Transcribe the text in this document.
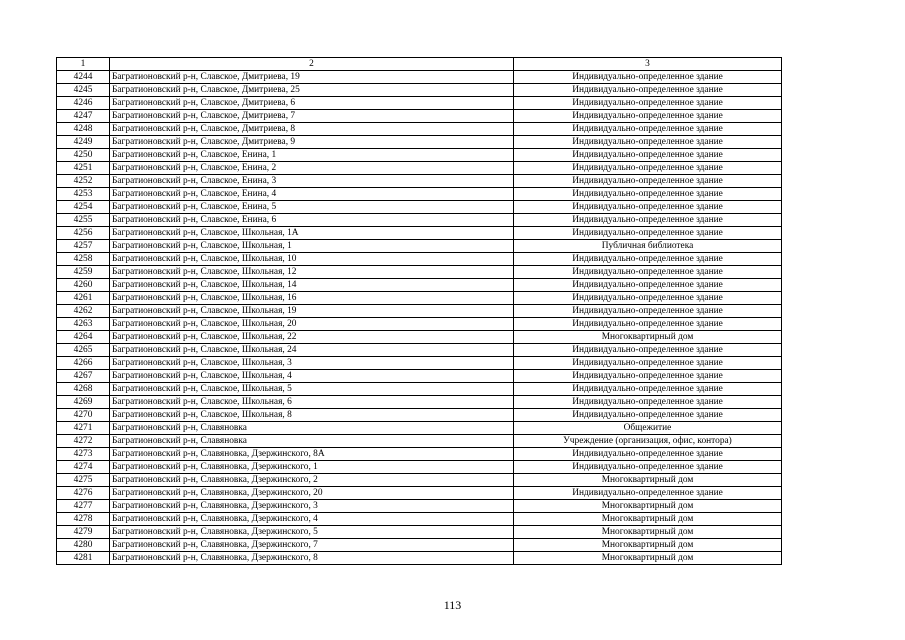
1	2	3
4244	Багратионовский р-н, Славское, Дмитриева, 19	Индивидуально-определенное здание
4245	Багратионовский р-н, Славское, Дмитриева, 25	Индивидуально-определенное здание
4246	Багратионовский р-н, Славское, Дмитриева, 6	Индивидуально-определенное здание
4247	Багратионовский р-н, Славское, Дмитриева, 7	Индивидуально-определенное здание
4248	Багратионовский р-н, Славское, Дмитриева, 8	Индивидуально-определенное здание
4249	Багратионовский р-н, Славское, Дмитриева, 9	Индивидуально-определенное здание
4250	Багратионовский р-н, Славское, Енина, 1	Индивидуально-определенное здание
4251	Багратионовский р-н, Славское, Енина, 2	Индивидуально-определенное здание
4252	Багратионовский р-н, Славское, Енина, 3	Индивидуально-определенное здание
4253	Багратионовский р-н, Славское, Енина, 4	Индивидуально-определенное здание
4254	Багратионовский р-н, Славское, Енина, 5	Индивидуально-определенное здание
4255	Багратионовский р-н, Славское, Енина, 6	Индивидуально-определенное здание
4256	Багратионовский р-н, Славское, Школьная, 1А	Индивидуально-определенное здание
4257	Багратионовский р-н, Славское, Школьная, 1	Публичная библиотека
4258	Багратионовский р-н, Славское, Школьная, 10	Индивидуально-определенное здание
4259	Багратионовский р-н, Славское, Школьная, 12	Индивидуально-определенное здание
4260	Багратионовский р-н, Славское, Школьная, 14	Индивидуально-определенное здание
4261	Багратионовский р-н, Славское, Школьная, 16	Индивидуально-определенное здание
4262	Багратионовский р-н, Славское, Школьная, 19	Индивидуально-определенное здание
4263	Багратионовский р-н, Славское, Школьная, 20	Индивидуально-определенное здание
4264	Багратионовский р-н, Славское, Школьная, 22	Многоквартирный дом
4265	Багратионовский р-н, Славское, Школьная, 24	Индивидуально-определенное здание
4266	Багратионовский р-н, Славское, Школьная, 3	Индивидуально-определенное здание
4267	Багратионовский р-н, Славское, Школьная, 4	Индивидуально-определенное здание
4268	Багратионовский р-н, Славское, Школьная, 5	Индивидуально-определенное здание
4269	Багратионовский р-н, Славское, Школьная, 6	Индивидуально-определенное здание
4270	Багратионовский р-н, Славское, Школьная, 8	Индивидуально-определенное здание
4271	Багратионовский р-н, Славяновка	Общежитие
4272	Багратионовский р-н, Славяновка	Учреждение (организация, офис, контора)
4273	Багратионовский р-н, Славяновка, Дзержинского, 8А	Индивидуально-определенное здание
4274	Багратионовский р-н, Славяновка, Дзержинского, 1	Индивидуально-определенное здание
4275	Багратионовский р-н, Славяновка, Дзержинского, 2	Многоквартирный дом
4276	Багратионовский р-н, Славяновка, Дзержинского, 20	Индивидуально-определенное здание
4277	Багратионовский р-н, Славяновка, Дзержинского, 3	Многоквартирный дом
4278	Багратионовский р-н, Славяновка, Дзержинского, 4	Многоквартирный дом
4279	Багратионовский р-н, Славяновка, Дзержинского, 5	Многоквартирный дом
4280	Багратионовский р-н, Славяновка, Дзержинского, 7	Многоквартирный дом
4281	Багратионовский р-н, Славяновка, Дзержинского, 8	Многоквартирный дом
113
